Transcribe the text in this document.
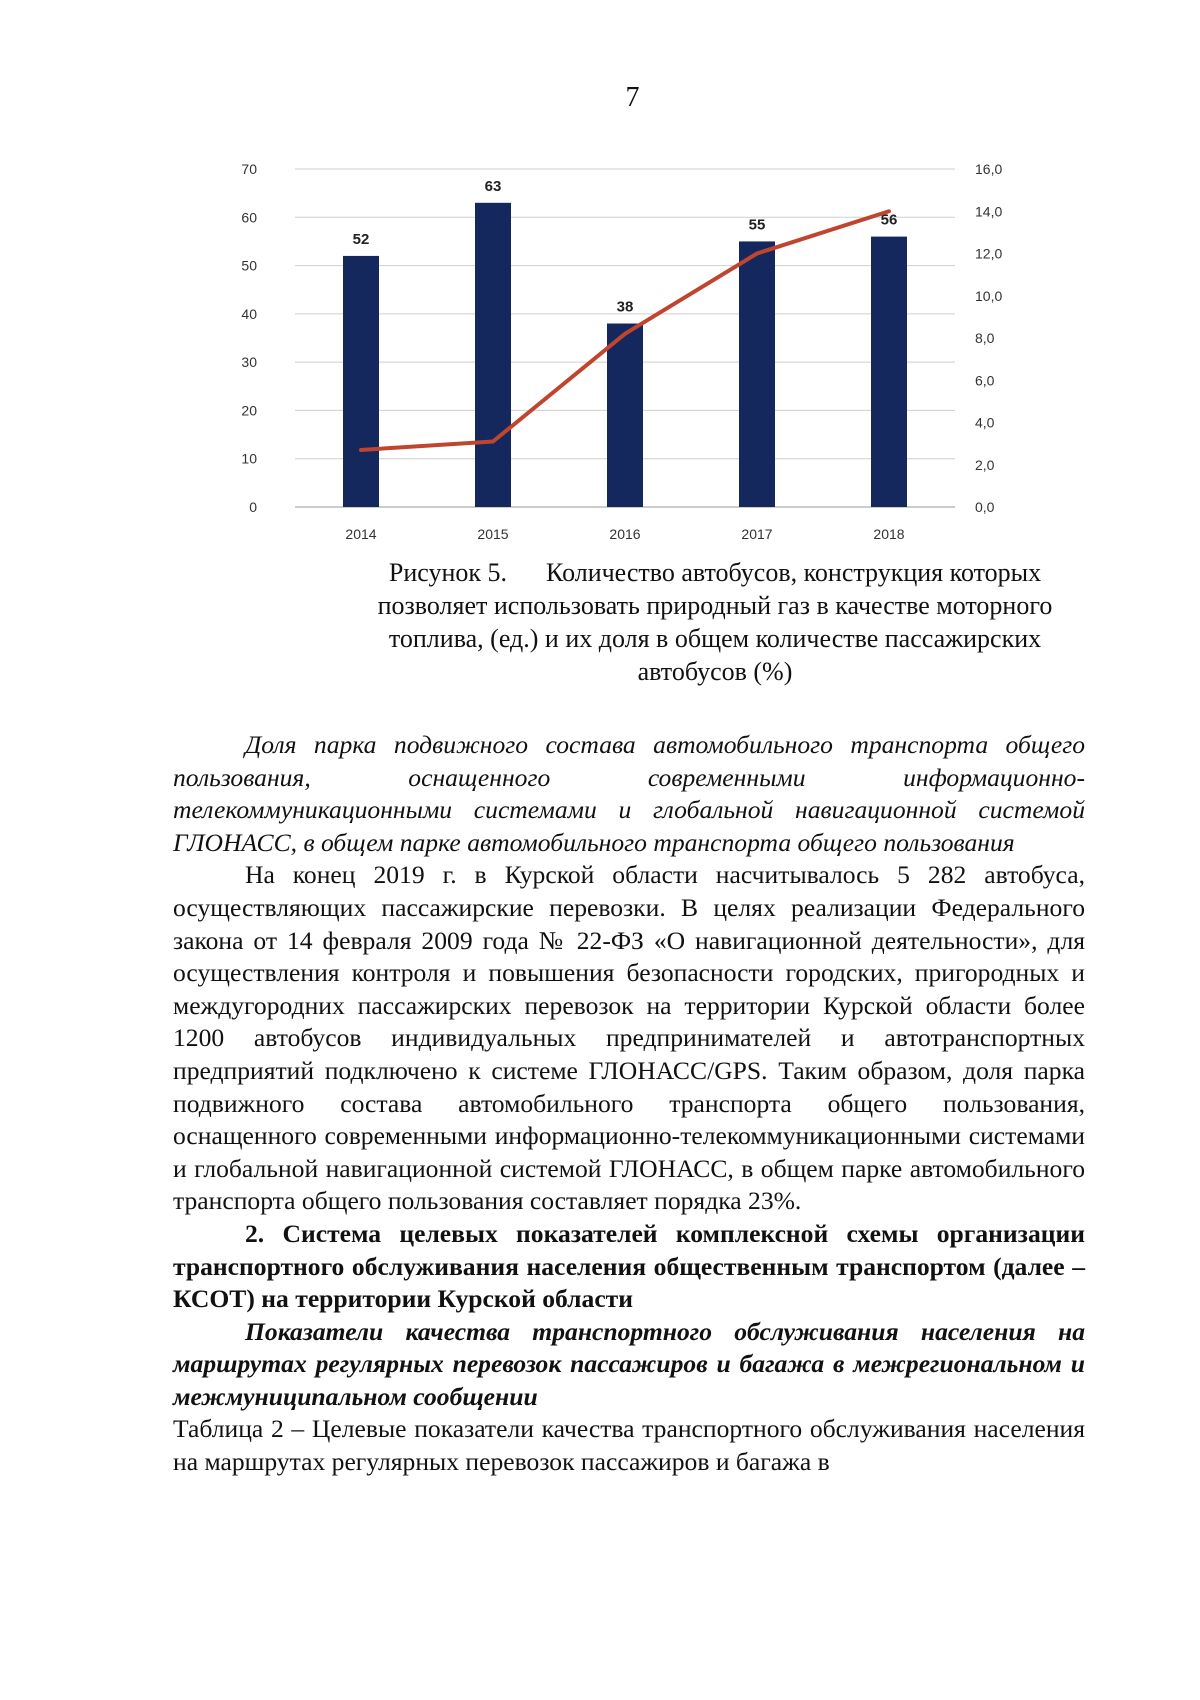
7
52
63
38
55	56
0
10
20
30
40
50
60
70
0,0
2,0
4,0
6,0
8,0
10,0
12,0
14,0
16,0
2014	2015	2016	2017	2018
Рисунок 5. Количество автобусов, конструкция которых
позволяет использовать природный газ в качестве моторного
топлива, (ед.) и их доля в общем количестве пассажирских
автобусов (%)

Доля парка подвижного состава автомобильного транспорта общего пользования, оснащенного современными информационно-телекоммуникационными системами и глобальной навигационной системой ГЛОНАСС, в общем парке автомобильного транспорта общего пользования

На конец 2019 г. в Курской области насчитывалось 5 282 автобуса, осуществляющих пассажирские перевозки. В целях реализации Федерального закона от 14 февраля 2009 года № 22-ФЗ «О навигационной деятельности», для осуществления контроля и повышения безопасности городских, пригородных и междугородних пассажирских перевозок на территории Курской области более 1200 автобусов индивидуальных предпринимателей и автотранспортных предприятий подключено к системе ГЛОНАСС/GPS. Таким образом, доля парка подвижного состава автомобильного транспорта общего пользования, оснащенного современными информационно-телекоммуникационными системами и глобальной навигационной системой ГЛОНАСС, в общем парке автомобильного транспорта общего пользования составляет порядка 23%.

2. Система целевых показателей комплексной схемы организации транспортного обслуживания населения общественным транспортом (далее – КСОТ) на территории Курской области

Показатели качества транспортного обслуживания населения на маршрутах регулярных перевозок пассажиров и багажа в межрегиональном и межмуниципальном сообщении

Таблица 2 – Целевые показатели качества транспортного обслуживания населения на маршрутах регулярных перевозок пассажиров и багажа в
